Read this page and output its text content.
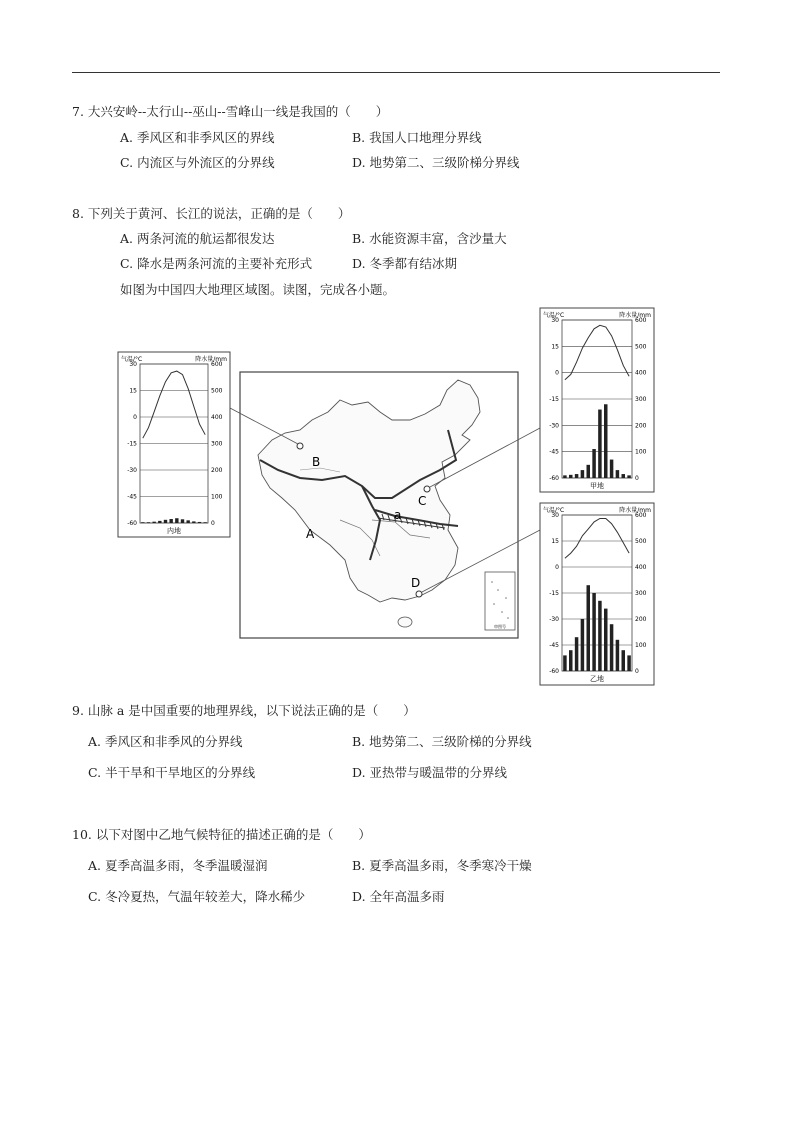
7. 大兴安岭--太行山--巫山--雪峰山一线是我国的（　　）
A. 季风区和非季风区的界线	B. 我国人口地理分界线
C. 内流区与外流区的分界线	D. 地势第二、三级阶梯分界线
8. 下列关于黄河、长江的说法，正确的是（　　）
A. 两条河流的航运都很发达	B. 水能资源丰富，含沙量大
C. 降水是两条河流的主要补充形式	D. 冬季都有结冰期
如图为中国四大地理区域图。读图，完成各小题。
B
A
C
D
a
审图号
气温/°C	降水量/mm
30	600
15	500
0	400
-15	300
-30	200
-45	100
-60	0
内地
气温/°C	降水量/mm
30	600
15	500
0	400
-15	300
-30	200
-45	100
-60	0
甲地
气温/°C	降水量/mm
30	600
15	500
0	400
-15	300
-30	200
-45	100
-60	0
乙地
9. 山脉 a 是中国重要的地理界线，以下说法正确的是（　　）
A. 季风区和非季风的分界线	B. 地势第二、三级阶梯的分界线
C. 半干旱和干旱地区的分界线	D. 亚热带与暖温带的分界线
10. 以下对图中乙地气候特征的描述正确的是（　　）
A. 夏季高温多雨，冬季温暖湿润	B. 夏季高温多雨，冬季寒冷干燥
C. 冬冷夏热，气温年较差大，降水稀少	D. 全年高温多雨
